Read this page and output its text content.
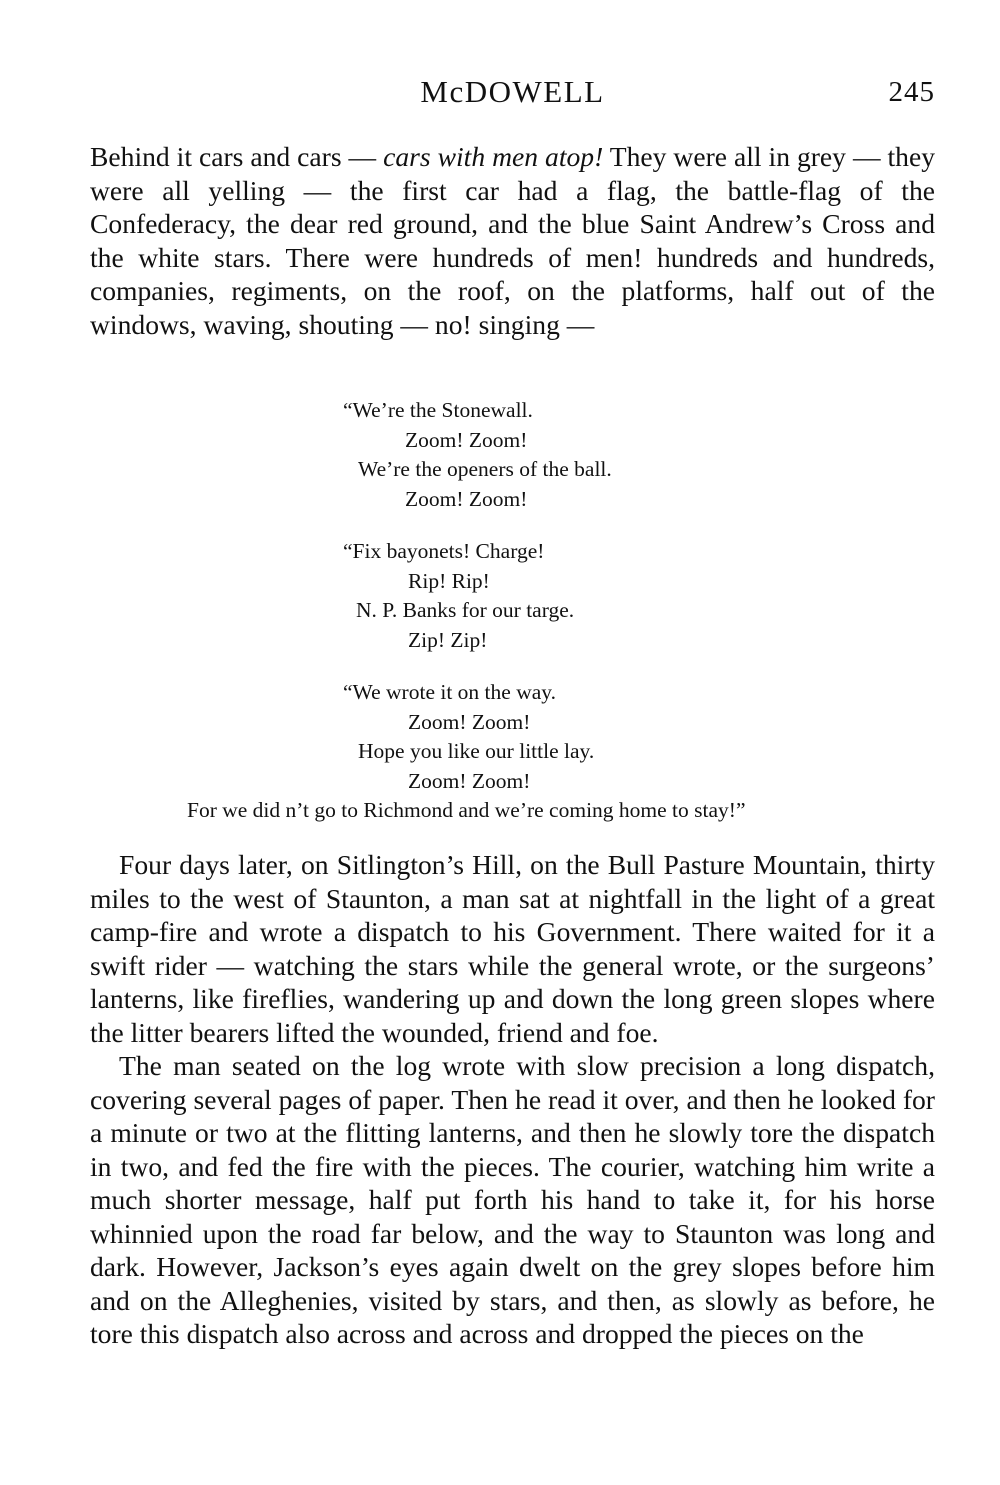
McDOWELL	245

Behind it cars and cars — cars with men atop! They were all in grey — they were all yelling — the first car had a flag, the battle-flag of the Confederacy, the dear red ground, and the blue Saint Andrew’s Cross and the white stars. There were hundreds of men! hundreds and hundreds, companies, regiments, on the roof, on the platforms, half out of the windows, waving, shouting — no! singing —

“We’re the Stonewall.
Zoom! Zoom!
We’re the openers of the ball.
Zoom! Zoom!
“Fix bayonets! Charge!
Rip! Rip!
N. P. Banks for our targe.
Zip! Zip!
“We wrote it on the way.
Zoom! Zoom!
Hope you like our little lay.
Zoom! Zoom!
For we did n’t go to Richmond and we’re coming home to stay!”

Four days later, on Sitlington’s Hill, on the Bull Pasture Mountain, thirty miles to the west of Staunton, a man sat at nightfall in the light of a great camp-fire and wrote a dispatch to his Government. There waited for it a swift rider — watching the stars while the general wrote, or the surgeons’ lanterns, like fireflies, wandering up and down the long green slopes where the litter bearers lifted the wounded, friend and foe.

The man seated on the log wrote with slow precision a long dispatch, covering several pages of paper. Then he read it over, and then he looked for a minute or two at the flitting lanterns, and then he slowly tore the dispatch in two, and fed the fire with the pieces. The courier, watching him write a much shorter message, half put forth his hand to take it, for his horse whinnied upon the road far below, and the way to Staunton was long and dark. However, Jackson’s eyes again dwelt on the grey slopes before him and on the Alleghenies, visited by stars, and then, as slowly as before, he tore this dispatch also across and across and dropped the pieces on the
